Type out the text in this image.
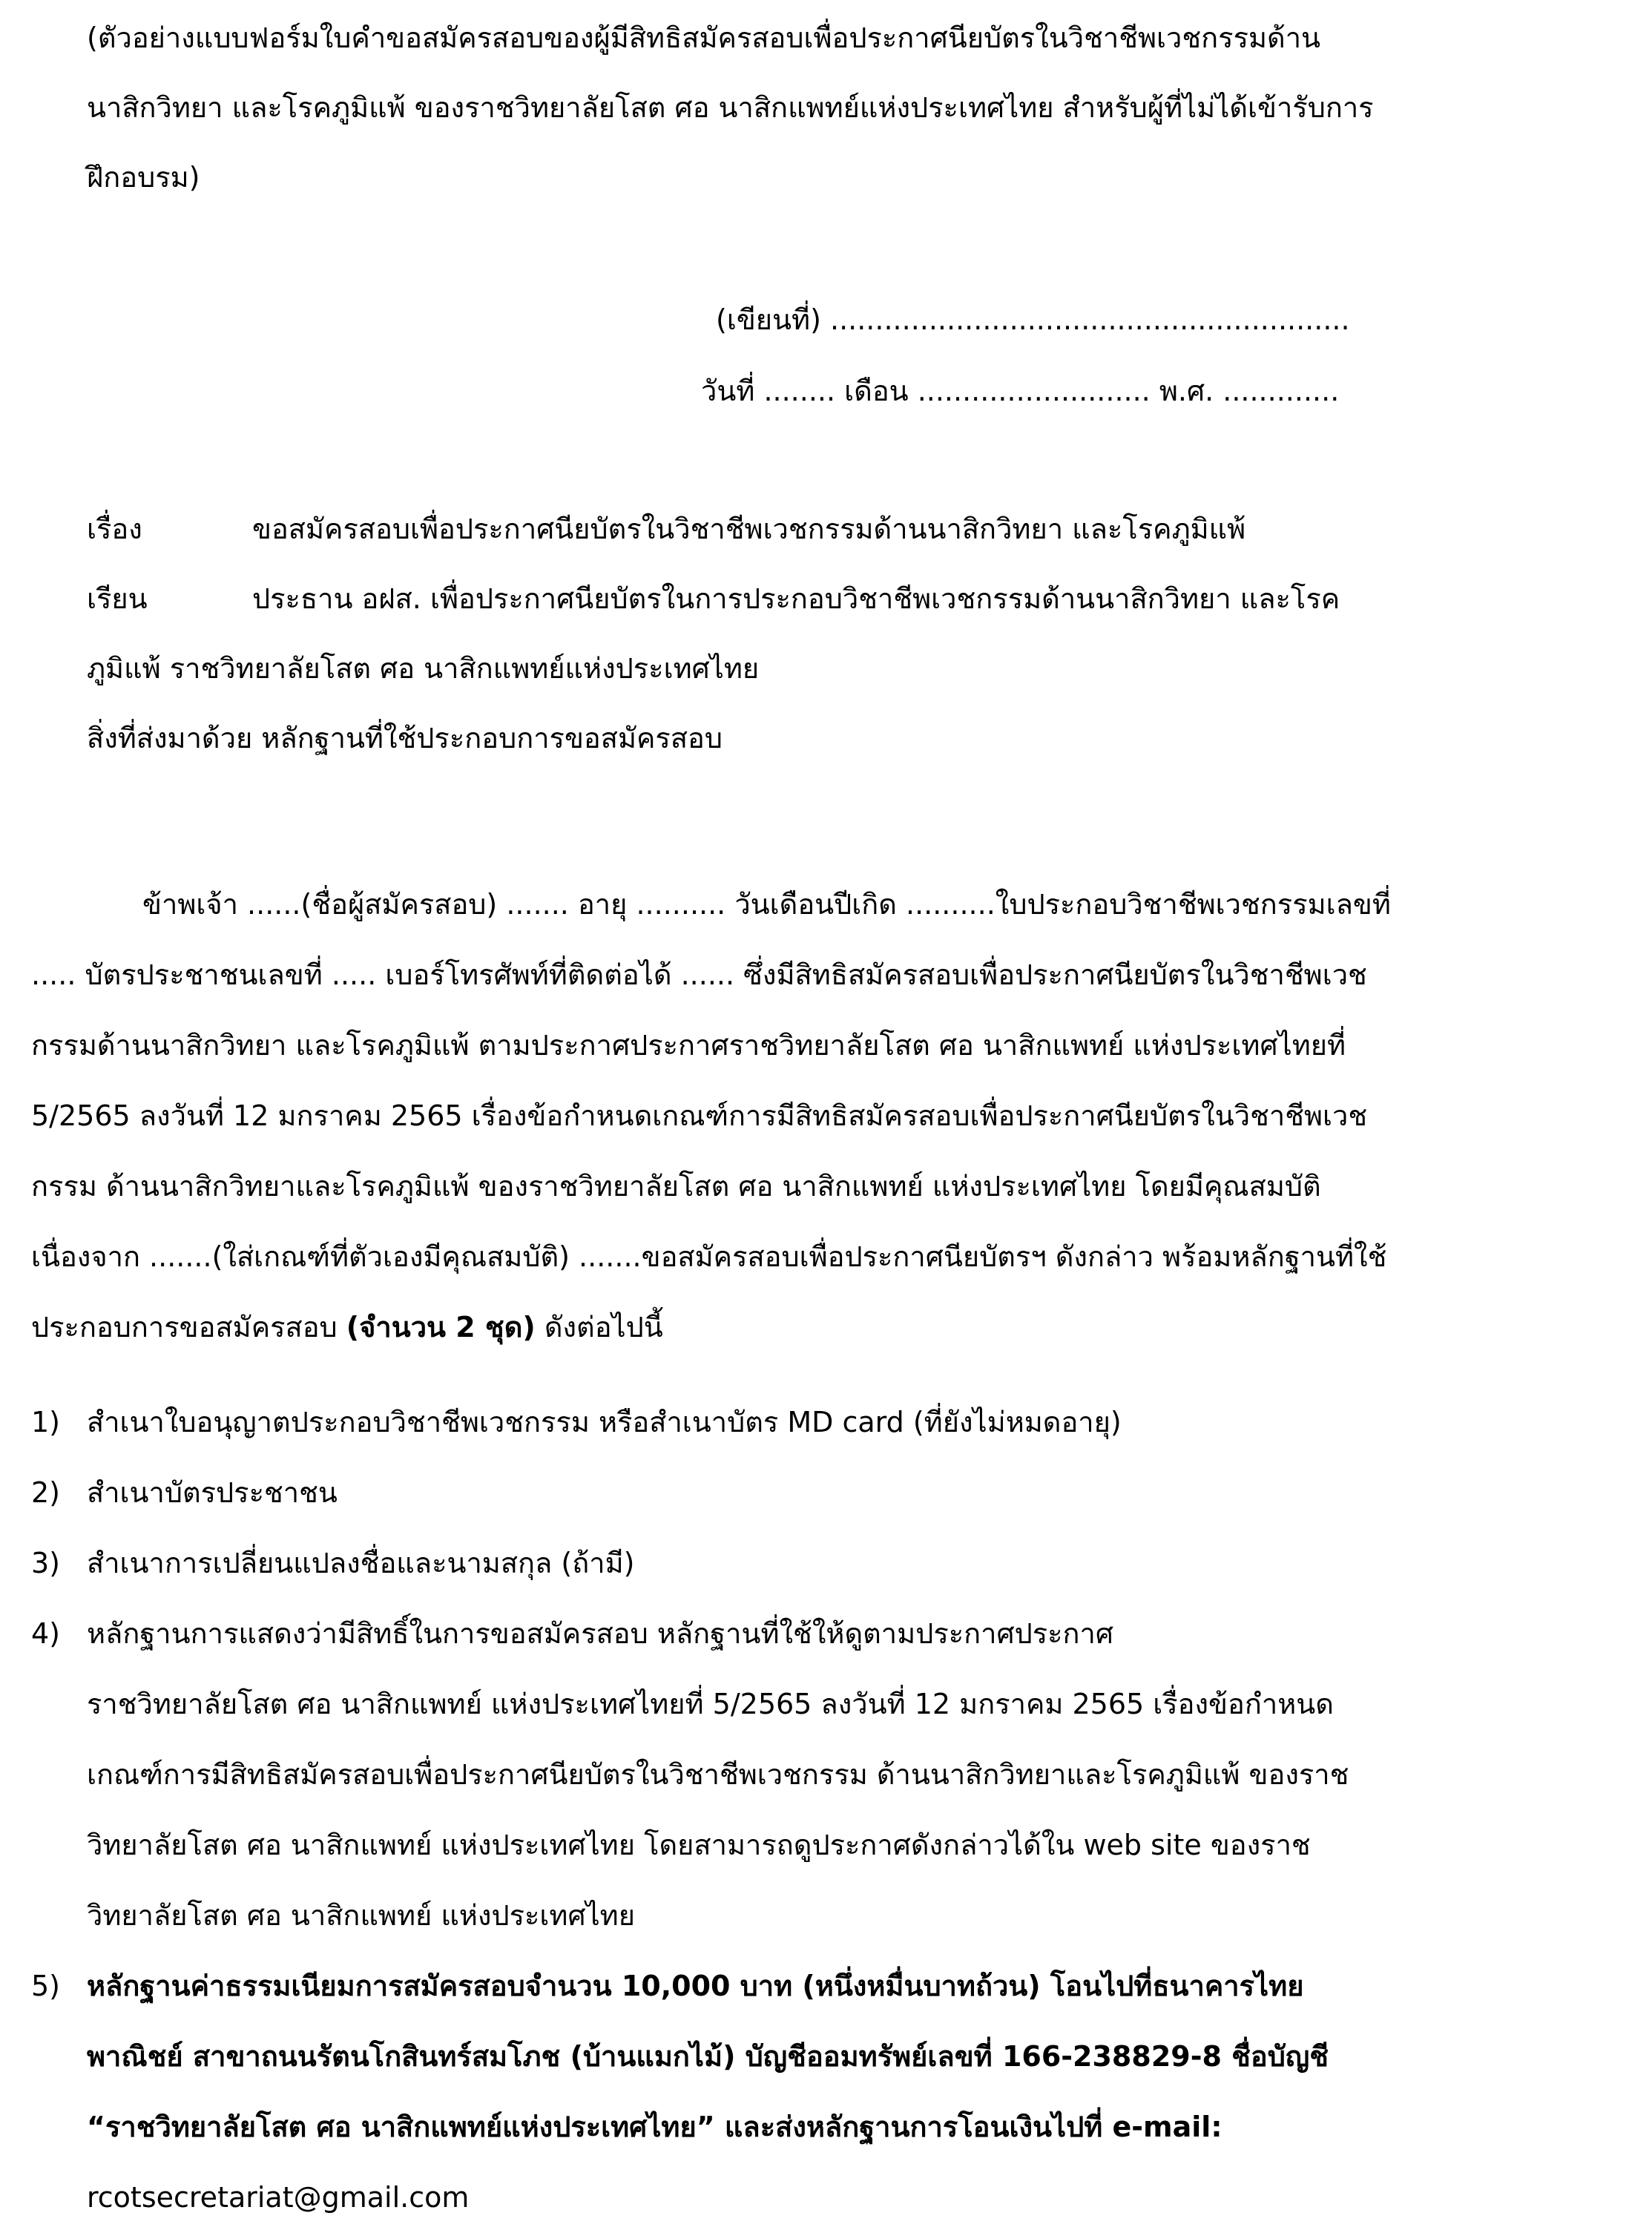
(ตัวอย่างแบบฟอร์มใบคำขอสมัครสอบของผู้มีสิทธิสมัครสอบเพื่อประกาศนียบัตรในวิชาชีพเวชกรรมด้าน
นาสิกวิทยา และโรคภูมิแพ้ ของราชวิทยาลัยโสต ศอ นาสิกแพทย์แห่งประเทศไทย สำหรับผู้ที่ไม่ได้เข้ารับการ
ฝึกอบรม)
(เขียนที่) ..........................................................
วันที่ ........ เดือน .......................... พ.ศ. .............
เรื่อง	ขอสมัครสอบเพื่อประกาศนียบัตรในวิชาชีพเวชกรรมด้านนาสิกวิทยา และโรคภูมิแพ้
เรียน	ประธาน อฝส. เพื่อประกาศนียบัตรในการประกอบวิชาชีพเวชกรรมด้านนาสิกวิทยา และโรค
ภูมิแพ้ ราชวิทยาลัยโสต ศอ นาสิกแพทย์แห่งประเทศไทย
สิ่งที่ส่งมาด้วย หลักฐานที่ใช้ประกอบการขอสมัครสอบ
ข้าพเจ้า ......(ชื่อผู้สมัครสอบ) ....... อายุ .......... วันเดือนปีเกิด ..........ใบประกอบวิชาชีพเวชกรรมเลขที่
..... บัตรประชาชนเลขที่ ..... เบอร์โทรศัพท์ที่ติดต่อได้ ...... ซึ่งมีสิทธิสมัครสอบเพื่อประกาศนียบัตรในวิชาชีพเวช
กรรมด้านนาสิกวิทยา และโรคภูมิแพ้ ตามประกาศประกาศราชวิทยาลัยโสต ศอ นาสิกแพทย์ แห่งประเทศไทยที่
5/2565 ลงวันที่ 12 มกราคม 2565 เรื่องข้อกำหนดเกณฑ์การมีสิทธิสมัครสอบเพื่อประกาศนียบัตรในวิชาชีพเวช
กรรม ด้านนาสิกวิทยาและโรคภูมิแพ้ ของราชวิทยาลัยโสต ศอ นาสิกแพทย์ แห่งประเทศไทย โดยมีคุณสมบัติ
เนื่องจาก .......(ใส่เกณฑ์ที่ตัวเองมีคุณสมบัติ) .......ขอสมัครสอบเพื่อประกาศนียบัตรฯ ดังกล่าว พร้อมหลักฐานที่ใช้
ประกอบการขอสมัครสอบ (จำนวน 2 ชุด) ดังต่อไปนี้
1) สำเนาใบอนุญาตประกอบวิชาชีพเวชกรรม หรือสำเนาบัตร MD card (ที่ยังไม่หมดอายุ)
2) สำเนาบัตรประชาชน
3) สำเนาการเปลี่ยนแปลงชื่อและนามสกุล (ถ้ามี)
4) หลักฐานการแสดงว่ามีสิทธิ์ในการขอสมัครสอบ หลักฐานที่ใช้ให้ดูตามประกาศประกาศ
ราชวิทยาลัยโสต ศอ นาสิกแพทย์ แห่งประเทศไทยที่ 5/2565 ลงวันที่ 12 มกราคม 2565 เรื่องข้อกำหนด
เกณฑ์การมีสิทธิสมัครสอบเพื่อประกาศนียบัตรในวิชาชีพเวชกรรม ด้านนาสิกวิทยาและโรคภูมิแพ้ ของราช
วิทยาลัยโสต ศอ นาสิกแพทย์ แห่งประเทศไทย โดยสามารถดูประกาศดังกล่าวได้ใน web site ของราช
วิทยาลัยโสต ศอ นาสิกแพทย์ แห่งประเทศไทย
5) หลักฐานค่าธรรมเนียมการสมัครสอบจำนวน 10,000 บาท (หนึ่งหมื่นบาทถ้วน) โอนไปที่ธนาคารไทย
พาณิชย์ สาขาถนนรัตนโกสินทร์สมโภช (บ้านแมกไม้) บัญชีออมทรัพย์เลขที่ 166-238829-8 ชื่อบัญชี
“ราชวิทยาลัยโสต ศอ นาสิกแพทย์แห่งประเทศไทย” และส่งหลักฐานการโอนเงินไปที่ e-mail:
rcotsecretariat@gmail.com
